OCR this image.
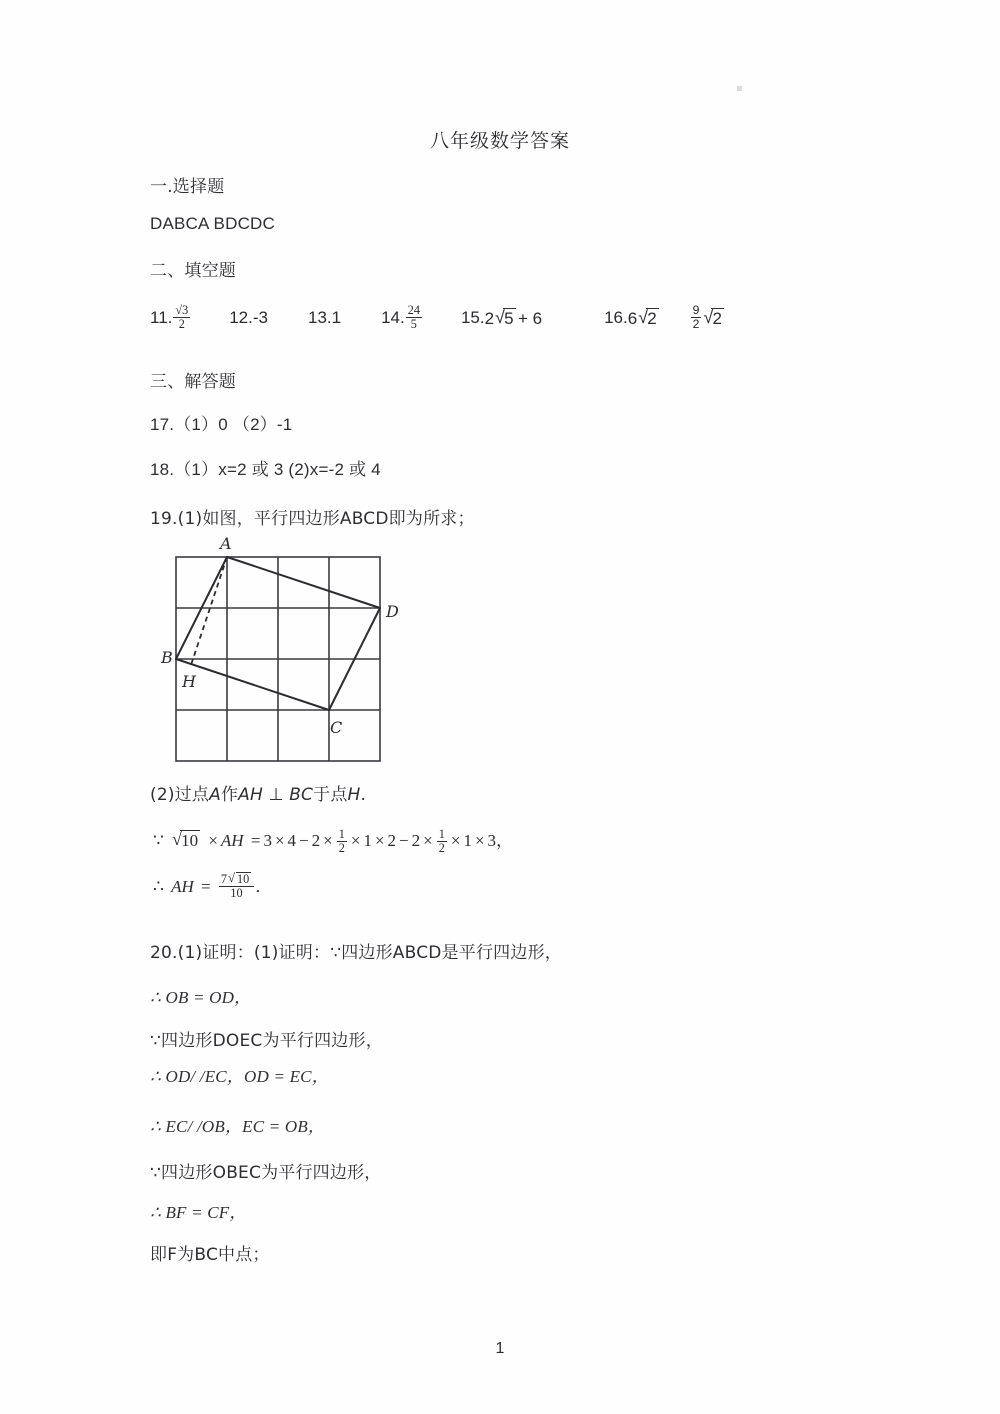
八年级数学答案
一.选择题
DABCA BDCDC
二、填空题
11. $\frac{√3}{2} 12$. -3 13. 1 14. $\frac{24}{5} 15$. 2 √ 5 + 6	16. 6 √ 2	$\frac{9}{2}$ √ 2
三、解答题
17.（1）0 （2）-1
18.（1）x=2 或 3 (2)x=-2 或 4
19.(1)如图，平行四边形ABCD即为所求；
A
B
C
D
H
(2)过点A作AH ⊥ BC于点H.
∵ √ 10 × AH = $3 \times 4 - 2 \times \frac{1}{2} \times 1 \times 2 - 2 \times \frac{1}{2} \times 1 \times 3$，
∴ AH = $\frac{7 √ 10}{10}$ ．
20.(1)证明：(1)证明：∵四边形ABCD是平行四边形，
∴ OB = OD，
∵四边形DOEC为平行四边形，
∴ OD/ /EC，OD = EC，
∴ EC/ /OB，EC = OB，
∵四边形OBEC为平行四边形，
∴ BF = CF，
即F为BC中点；
1
